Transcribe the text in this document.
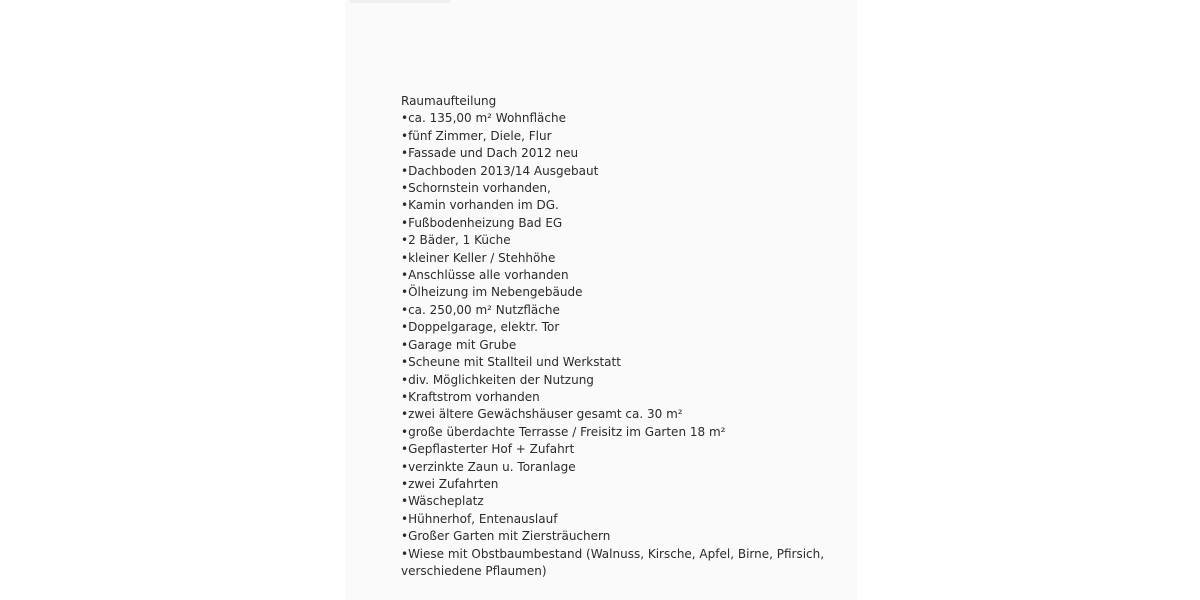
Raumaufteilung
•ca. 135,00 m² Wohnfläche
•fünf Zimmer, Diele, Flur
•Fassade und Dach 2012 neu
•Dachboden 2013/14 Ausgebaut
•Schornstein vorhanden,
•Kamin vorhanden im DG.
•Fußbodenheizung Bad EG
•2 Bäder, 1 Küche
•kleiner Keller / Stehhöhe
•Anschlüsse alle vorhanden
•Ölheizung im Nebengebäude
•ca. 250,00 m² Nutzfläche
•Doppelgarage, elektr. Tor
•Garage mit Grube
•Scheune mit Stallteil und Werkstatt
•div. Möglichkeiten der Nutzung
•Kraftstrom vorhanden
•zwei ältere Gewächshäuser gesamt ca. 30 m²
•große überdachte Terrasse / Freisitz im Garten 18 m²
•Gepflasterter Hof + Zufahrt
•verzinkte Zaun u. Toranlage
•zwei Zufahrten
•Wäscheplatz
•Hühnerhof, Entenauslauf
•Großer Garten mit Ziersträuchern
•Wiese mit Obstbaumbestand (Walnuss, Kirsche, Apfel, Birne, Pfirsich, verschiedene Pflaumen)
